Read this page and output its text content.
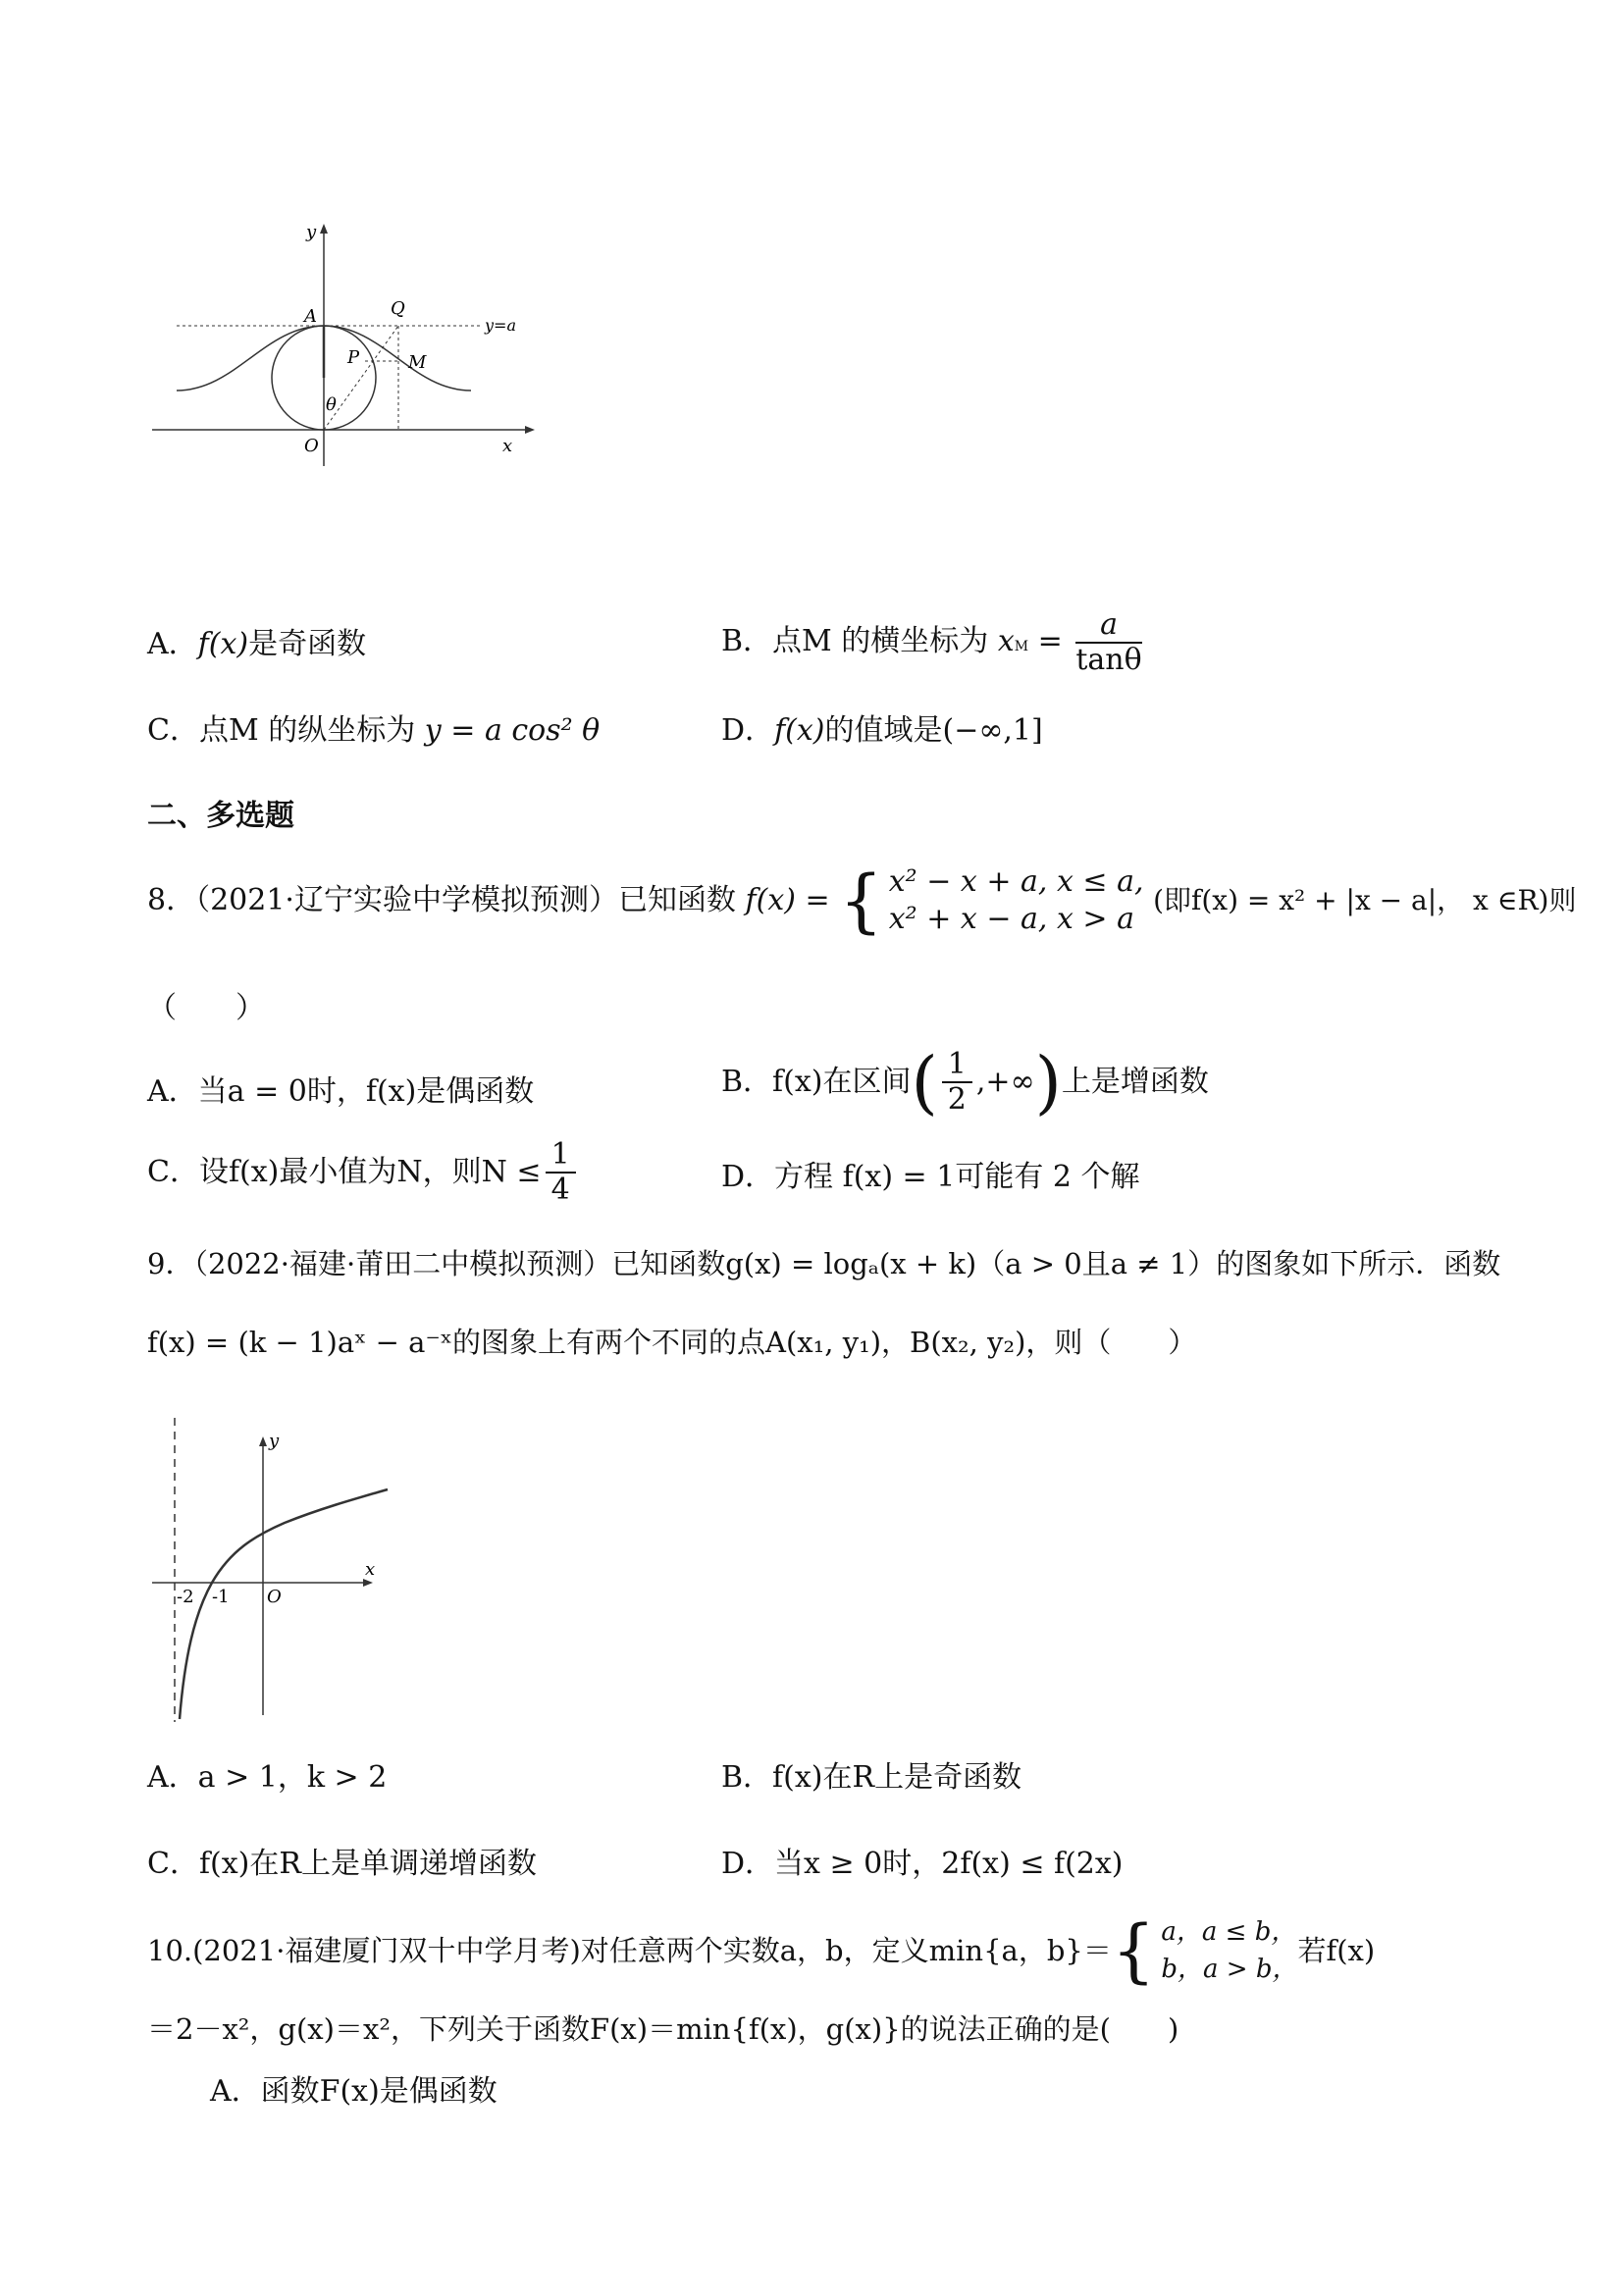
y
x
A	Q
P	M
θ
O
y=a
A．f(x)是奇函数	B．点M 的横坐标为 xM = $\frac{a}{\tan\theta}$
C．点M 的纵坐标为 y = a cos² θ	D．f(x)的值域是(−∞,1]
二、多选题
8．（2021·辽宁实验中学模拟预测）已知函数 f(x) = { x² − x + a, x ≤ a,
x² + x − a, x > a
(即f(x) = x² + |x − a|， x ∈R)则
（　　）
A．当a = 0时，f(x)是偶函数	B．f(x)在区间( $\frac{1}{2}$ ,+∞)上是增函数
C．设f(x)最小值为N，则$N \le \frac{1}{4}$	D．方程 f(x) = 1可能有 2 个解
9．（2022·福建·莆田二中模拟预测）已知函数g(x) = logₐ(x + k)（a > 0且a ≠ 1）的图象如下所示．函数
f(x) = (k − 1)aˣ − a⁻ˣ的图象上有两个不同的点A(x₁, y₁)，B(x₂, y₂)，则（　　）
y
x
-2 -1 O
A．a > 1，k > 2	B．f(x)在R上是奇函数
C．f(x)在R上是单调递增函数	D．当x ≥ 0时，2f(x) ≤ f(2x)
10.(2021·福建厦门双十中学月考)对任意两个实数a，b，定义min{a，b}＝{ a，a ≤ b，
b，a > b，
若f(x)
＝2－x²，g(x)＝x²，下列关于函数F(x)＝min{f(x)，g(x)}的说法正确的是(　　)
A．函数F(x)是偶函数
